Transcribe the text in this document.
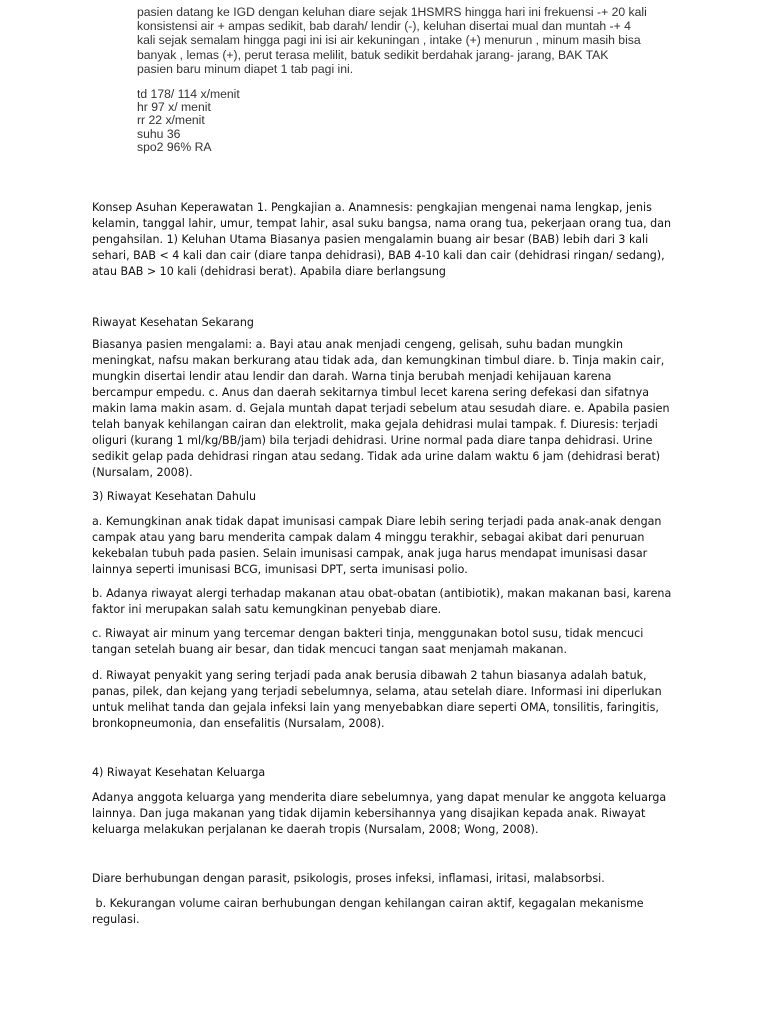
pasien datang ke IGD dengan keluhan diare sejak 1HSMRS hingga hari ini frekuensi -+ 20 kali

konsistensi air + ampas sedikit, bab darah/ lendir (-), keluhan disertai mual dan muntah -+ 4

kali sejak semalam hingga pagi ini isi air kekuningan , intake (+) menurun , minum masih bisa

banyak , lemas (+), perut terasa melilit, batuk sedikit berdahak jarang- jarang, BAK TAK

pasien baru minum diapet 1 tab pagi ini.

td 178/ 114 x/menit
hr 97 x/ menit
rr 22 x/menit
suhu 36
spo2 96% RA

Konsep Asuhan Keperawatan 1. Pengkajian a. Anamnesis: pengkajian mengenai nama lengkap, jenis

kelamin, tanggal lahir, umur, tempat lahir, asal suku bangsa, nama orang tua, pekerjaan orang tua, dan

pengahsilan. 1) Keluhan Utama Biasanya pasien mengalamin buang air besar (BAB) lebih dari 3 kali

sehari, BAB < 4 kali dan cair (diare tanpa dehidrasi), BAB 4-10 kali dan cair (dehidrasi ringan/ sedang),

atau BAB > 10 kali (dehidrasi berat). Apabila diare berlangsung

Riwayat Kesehatan Sekarang

Biasanya pasien mengalami: a. Bayi atau anak menjadi cengeng, gelisah, suhu badan mungkin

meningkat, nafsu makan berkurang atau tidak ada, dan kemungkinan timbul diare. b. Tinja makin cair,

mungkin disertai lendir atau lendir dan darah. Warna tinja berubah menjadi kehijauan karena

bercampur empedu. c. Anus dan daerah sekitarnya timbul lecet karena sering defekasi dan sifatnya

makin lama makin asam. d. Gejala muntah dapat terjadi sebelum atau sesudah diare. e. Apabila pasien

telah banyak kehilangan cairan dan elektrolit, maka gejala dehidrasi mulai tampak. f. Diuresis: terjadi

oliguri (kurang 1 ml/kg/BB/jam) bila terjadi dehidrasi. Urine normal pada diare tanpa dehidrasi. Urine

sedikit gelap pada dehidrasi ringan atau sedang. Tidak ada urine dalam waktu 6 jam (dehidrasi berat)

(Nursalam, 2008).

3) Riwayat Kesehatan Dahulu

a. Kemungkinan anak tidak dapat imunisasi campak Diare lebih sering terjadi pada anak-anak dengan

campak atau yang baru menderita campak dalam 4 minggu terakhir, sebagai akibat dari penuruan

kekebalan tubuh pada pasien. Selain imunisasi campak, anak juga harus mendapat imunisasi dasar

lainnya seperti imunisasi BCG, imunisasi DPT, serta imunisasi polio.

b. Adanya riwayat alergi terhadap makanan atau obat-obatan (antibiotik), makan makanan basi, karena

faktor ini merupakan salah satu kemungkinan penyebab diare.

c. Riwayat air minum yang tercemar dengan bakteri tinja, menggunakan botol susu, tidak mencuci

tangan setelah buang air besar, dan tidak mencuci tangan saat menjamah makanan.

d. Riwayat penyakit yang sering terjadi pada anak berusia dibawah 2 tahun biasanya adalah batuk,

panas, pilek, dan kejang yang terjadi sebelumnya, selama, atau setelah diare. Informasi ini diperlukan

untuk melihat tanda dan gejala infeksi lain yang menyebabkan diare seperti OMA, tonsilitis, faringitis,

bronkopneumonia, dan ensefalitis (Nursalam, 2008).

4) Riwayat Kesehatan Keluarga

Adanya anggota keluarga yang menderita diare sebelumnya, yang dapat menular ke anggota keluarga

lainnya. Dan juga makanan yang tidak dijamin kebersihannya yang disajikan kepada anak. Riwayat

keluarga melakukan perjalanan ke daerah tropis (Nursalam, 2008; Wong, 2008).

Diare berhubungan dengan parasit, psikologis, proses infeksi, inflamasi, iritasi, malabsorbsi.

b. Kekurangan volume cairan berhubungan dengan kehilangan cairan aktif, kegagalan mekanisme

regulasi.
